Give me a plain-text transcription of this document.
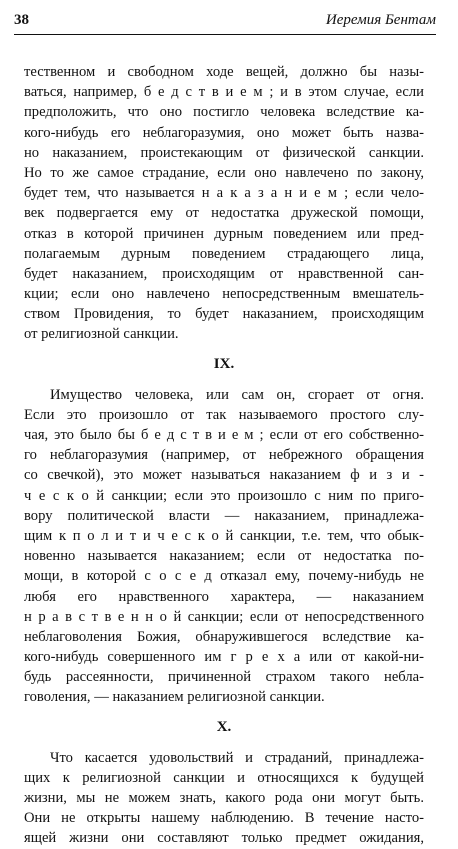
38	Иеремия Бентам
тественном и свободном ходе вещей, должно бы назы-
ваться, например, б е д с т в и е м ; и в этом случае, если
предположить, что оно постигло человека вследствие ка-
кого-нибудь его неблагоразумия, оно может быть назва-
но наказанием, проистекающим от физической санкции.
Но то же самое страдание, если оно навлечено по закону,
будет тем, что называется н а к а з а н и е м ; если чело-
век подвергается ему от недостатка дружеской помощи,
отказ в которой причинен дурным поведением или пред-
полагаемым дурным поведением страдающего лица,
будет наказанием, происходящим от нравственной сан-
кции; если оно навлечено непосредственным вмешатель-
ством Провидения, то будет наказанием, происходящим
от религиозной санкции.
IX.
Имущество человека, или сам он, сгорает от огня.
Если это произошло от так называемого простого слу-
чая, это было бы б е д с т в и е м ; если от его собственно-
го неблагоразумия (например, от небрежного обращения
со свечкой), это может называться наказанием ф и з и -
ч е с к о й санкции; если это произошло с ним по приго-
вору политической власти — наказанием, принадлежа-
щим к п о л и т и ч е с к о й санкции, т.е. тем, что обык-
новенно называется наказанием; если от недостатка по-
мощи, в которой с о с е д отказал ему, почему-нибудь не
любя его нравственного характера, — наказанием
н р а в с т в е н н о й санкции; если от непосредственного
неблаговоления Божия, обнаружившегося вследствие ка-
кого-нибудь совершенного им г р е х а или от какой-ни-
будь рассеянности, причиненной страхом такого небла-
говоления, — наказанием религиозной санкции.
X.
Что касается удовольствий и страданий, принадлежа-
щих к религиозной санкции и относящихся к будущей
жизни, мы не можем знать, какого рода они могут быть.
Они не открыты нашему наблюдению. В течение насто-
ящей жизни они составляют только предмет ожидания,
